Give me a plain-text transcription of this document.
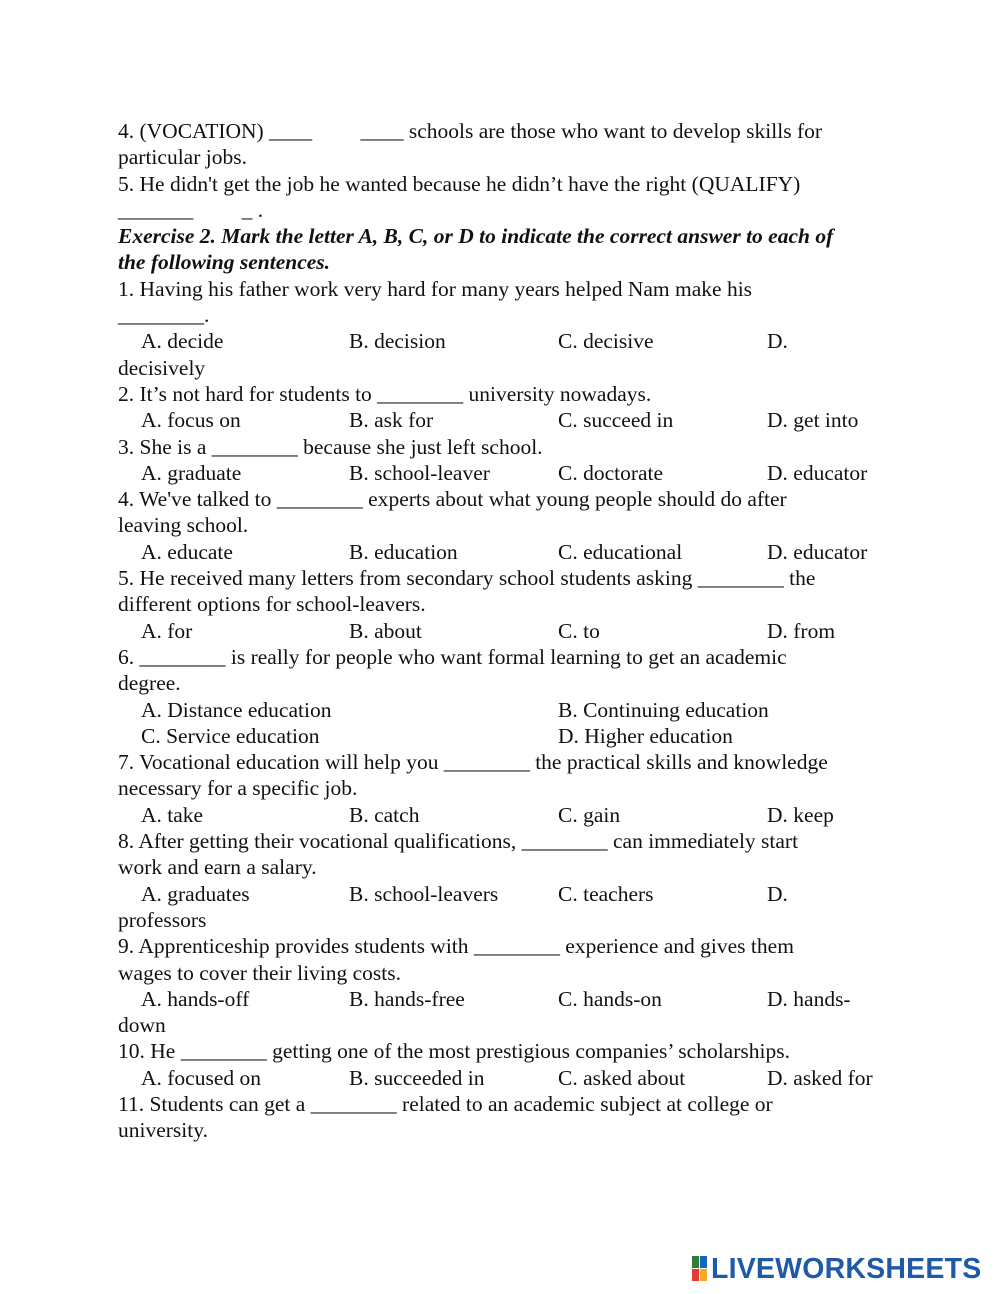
4. (VOCATION) ____         ____ schools are those who want to develop skills for
particular jobs.
5. He didn't get the job he wanted because he didn’t have the right (QUALIFY)
_______         _ .
Exercise 2. Mark the letter A, B, C, or D to indicate the correct answer to each of
the following sentences.
1. Having his father work very hard for many years helped Nam make his
________.
A. decide	B. decision	C. decisive	D.
decisively
2. It’s not hard for students to ________ university nowadays.
A. focus on	B. ask for	C. succeed in	D. get into
3. She is a ________ because she just left school.
A. graduate	B. school-leaver	C. doctorate	D. educator
4. We've talked to ________ experts about what young people should do after
leaving school.
A. educate	B. education	C. educational	D. educator
5. He received many letters from secondary school students asking ________ the
different options for school-leavers.
A. for	B. about	C. to	D. from
6. ________ is really for people who want formal learning to get an academic
degree.
A. Distance education	B. Continuing education
C. Service education	D. Higher education
7. Vocational education will help you ________ the practical skills and knowledge
necessary for a specific job.
A. take	B. catch	C. gain	D. keep
8. After getting their vocational qualifications, ________ can immediately start
work and earn a salary.
A. graduates	B. school-leavers	C. teachers	D.
professors
9. Apprenticeship provides students with ________ experience and gives them
wages to cover their living costs.
A. hands-off	B. hands-free	C. hands-on	D. hands-
down
10. He ________ getting one of the most prestigious companies’ scholarships.
A. focused on	B. succeeded in	C. asked about	D. asked for
11. Students can get a ________ related to an academic subject at college or
university.
LIVEWORKSHEETS
